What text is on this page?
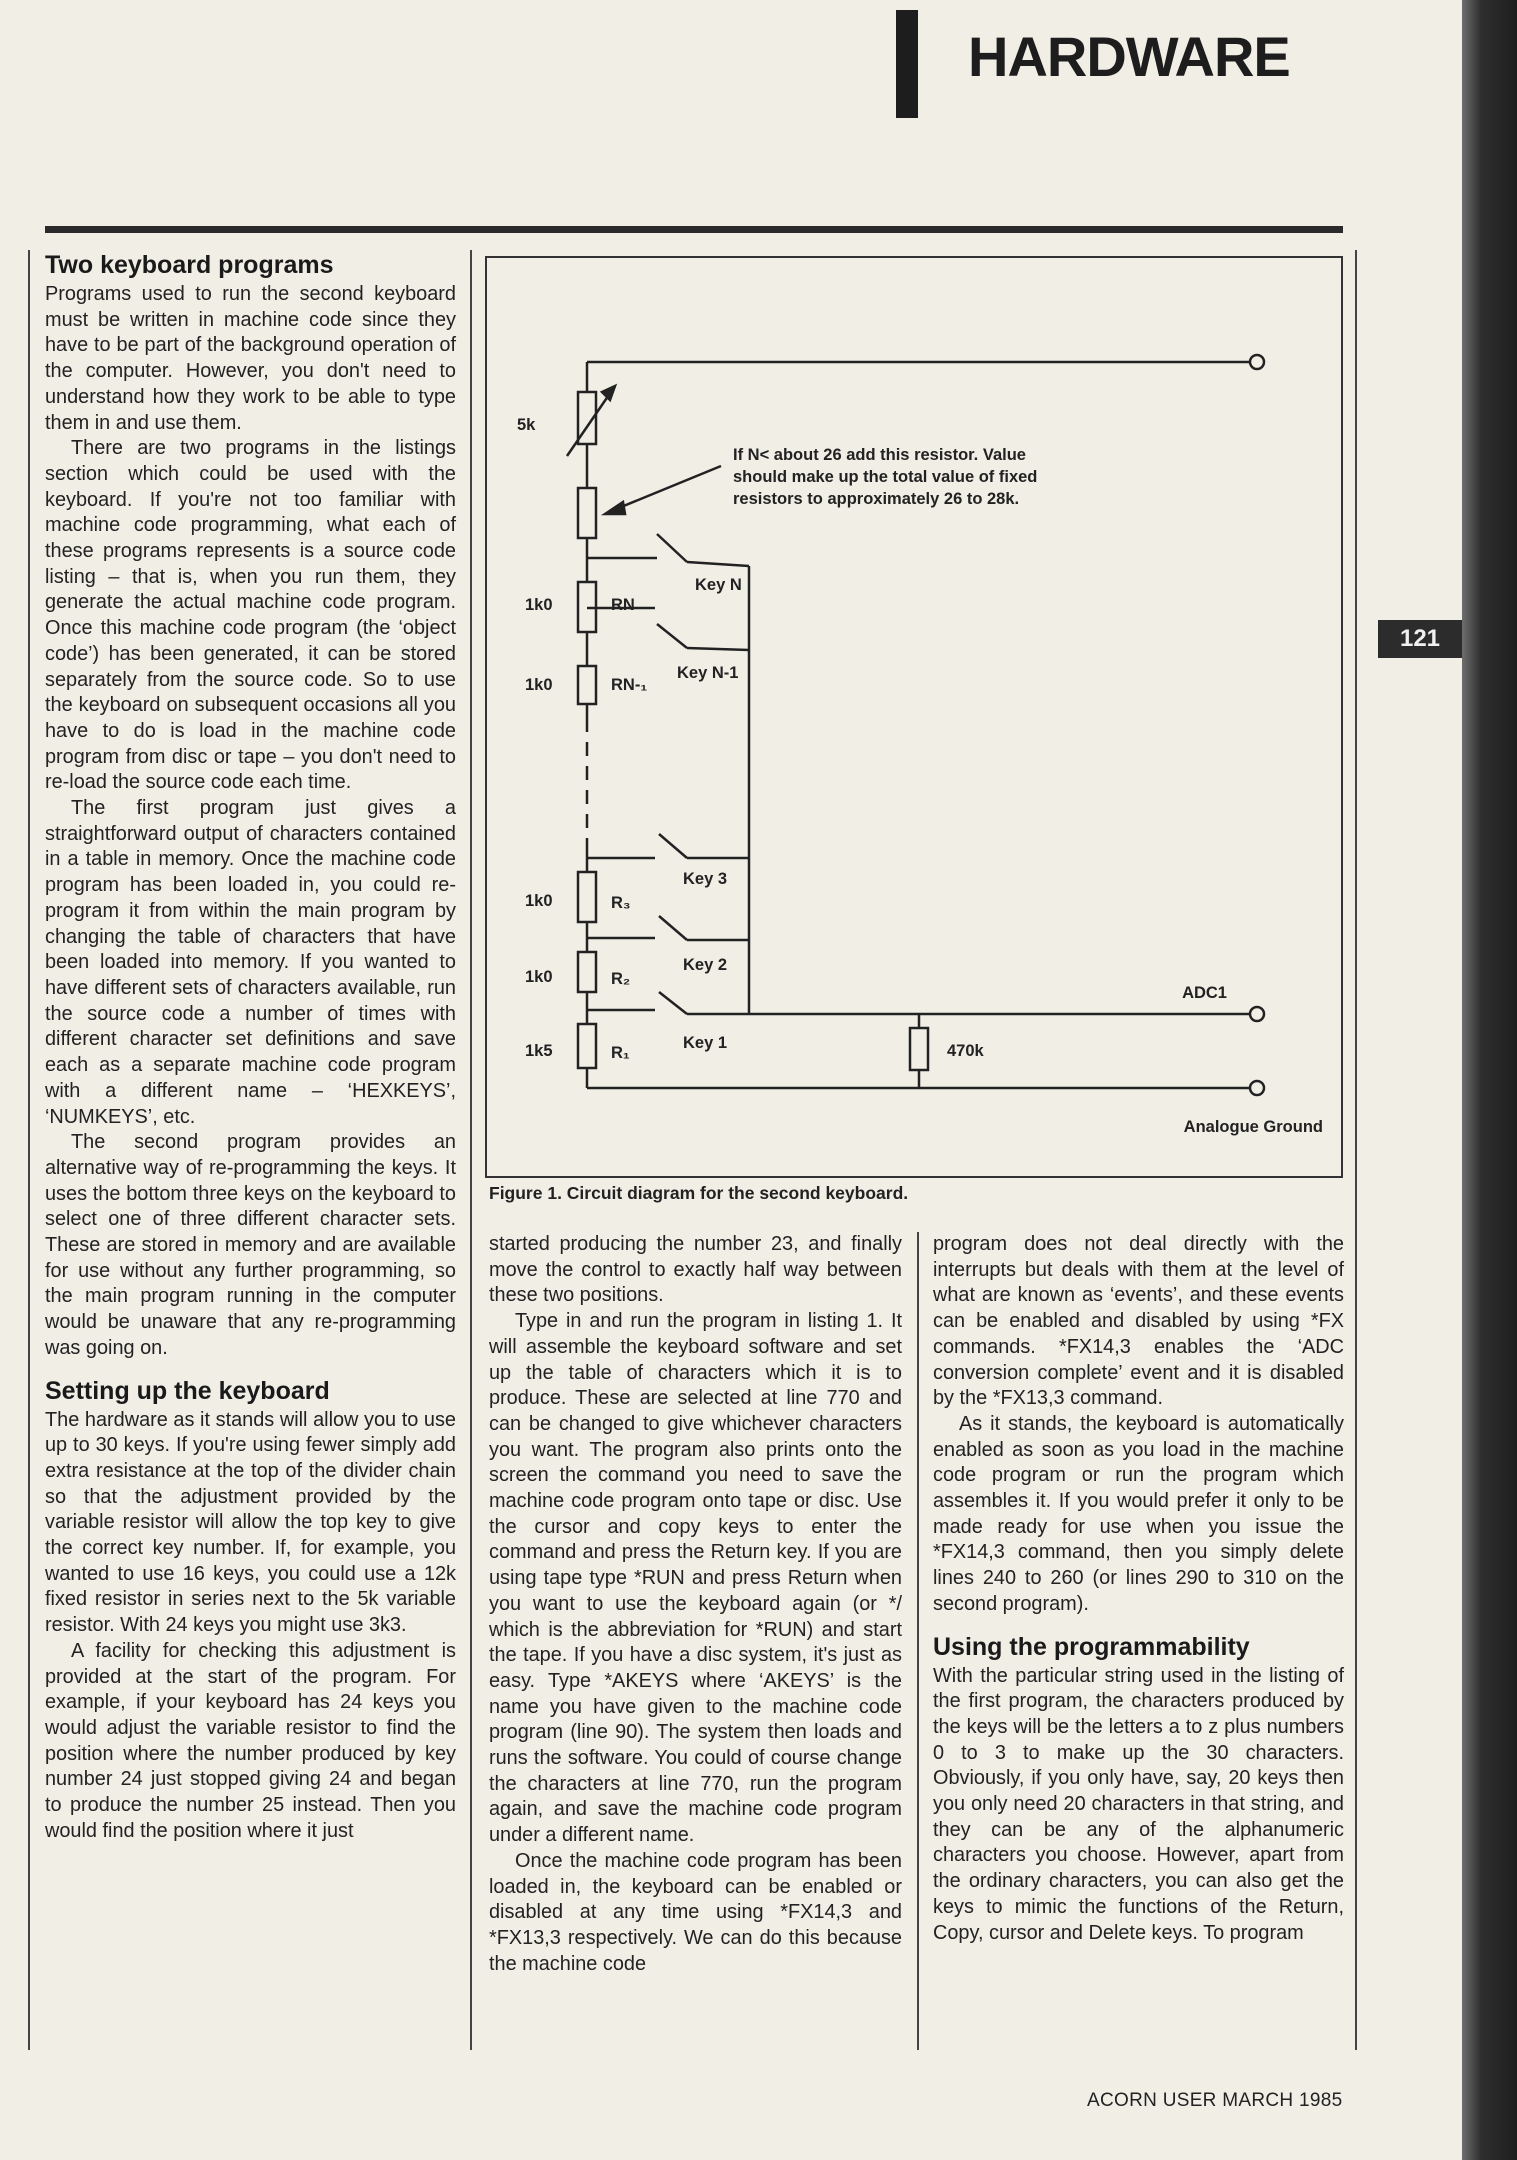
HARDWARE
121
Two keyboard programs

Programs used to run the second keyboard must be written in machine code since they have to be part of the background operation of the computer. However, you don't need to understand how they work to be able to type them in and use them.

There are two programs in the listings section which could be used with the keyboard. If you're not too familiar with machine code programming, what each of these programs represents is a source code listing – that is, when you run them, they generate the actual machine code program. Once this machine code program (the ‘object code’) has been generated, it can be stored separately from the source code. So to use the keyboard on subsequent occasions all you have to do is load in the machine code program from disc or tape – you don't need to re-load the source code each time.

The first program just gives a straightforward output of characters contained in a table in memory. Once the machine code program has been loaded in, you could re-program it from within the main program by changing the table of characters that have been loaded into memory. If you wanted to have different sets of characters available, run the source code a number of times with different character set definitions and save each as a separate machine code program with a different name – ‘HEXKEYS’, ‘NUMKEYS’, etc.

The second program provides an alternative way of re-programming the keys. It uses the bottom three keys on the keyboard to select one of three different character sets. These are stored in memory and are available for use without any further programming, so the main program running in the computer would be unaware that any re-programming was going on.

Setting up the keyboard

The hardware as it stands will allow you to use up to 30 keys. If you're using fewer simply add extra resistance at the top of the divider chain so that the adjustment provided by the variable resistor will allow the top key to give the correct key number. If, for example, you wanted to use 16 keys, you could use a 12k fixed resistor in series next to the 5k variable resistor. With 24 keys you might use 3k3.

A facility for checking this adjustment is provided at the start of the program. For example, if your keyboard has 24 keys you would adjust the variable resistor to find the position where the number produced by key number 24 just stopped giving 24 and began to produce the number 25 instead. Then you would find the position where it just

5k
If N< about 26 add this resistor. Value
should make up the total value of fixed
resistors to approximately 26 to 28k.
1k0
1k0
1k0
1k0
1k5
RN
RN-₁
R₃
R₂
R₁
Key N
Key N-1
Key 3
Key 2
Key 1	470k
ADC1
Analogue Ground
Figure 1. Circuit diagram for the second keyboard.

started producing the number 23, and finally move the control to exactly half way between these two positions.

Type in and run the program in listing 1. It will assemble the keyboard software and set up the table of characters which it is to produce. These are selected at line 770 and can be changed to give whichever characters you want. The program also prints onto the screen the command you need to save the machine code program onto tape or disc. Use the cursor and copy keys to enter the command and press the Return key. If you are using tape type *RUN and press Return when you want to use the keyboard again (or */ which is the abbreviation for *RUN) and start the tape. If you have a disc system, it's just as easy. Type *AKEYS where ‘AKEYS’ is the name you have given to the machine code program (line 90). The system then loads and runs the software. You could of course change the characters at line 770, run the program again, and save the machine code program under a different name.

Once the machine code program has been loaded in, the keyboard can be enabled or disabled at any time using *FX14,3 and *FX13,3 respectively. We can do this because the machine code

program does not deal directly with the interrupts but deals with them at the level of what are known as ‘events’, and these events can be enabled and disabled by using *FX commands. *FX14,3 enables the ‘ADC conversion complete’ event and it is disabled by the *FX13,3 command.

As it stands, the keyboard is automatically enabled as soon as you load in the machine code program or run the program which assembles it. If you would prefer it only to be made ready for use when you issue the *FX14,3 command, then you simply delete lines 240 to 260 (or lines 290 to 310 on the second program).

Using the programmability

With the particular string used in the listing of the first program, the characters produced by the keys will be the letters a to z plus numbers 0 to 3 to make up the 30 characters. Obviously, if you only have, say, 20 keys then you only need 20 characters in that string, and they can be any of the alphanumeric characters you choose. However, apart from the ordinary characters, you can also get the keys to mimic the functions of the Return, Copy, cursor and Delete keys. To program

ACORN USER MARCH 1985
